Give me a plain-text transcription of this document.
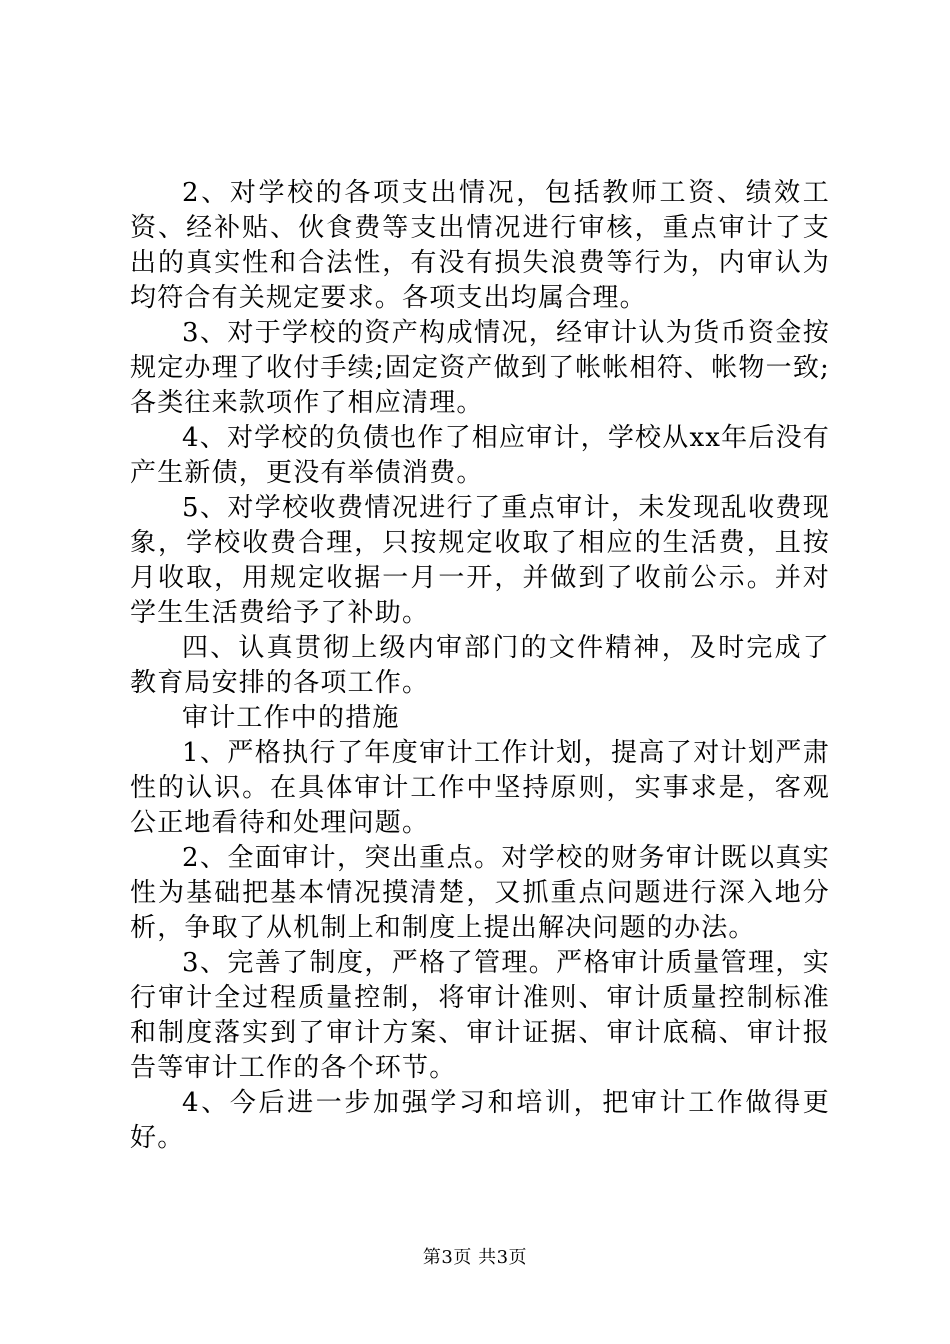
2、对学校的各项支出情况，包括教师工资、绩效工资、经补贴、伙食费等支出情况进行审核，重点审计了支出的真实性和合法性，有没有损失浪费等行为，内审认为均符合有关规定要求。各项支出均属合理。

3、对于学校的资产构成情况，经审计认为货币资金按规定办理了收付手续;固定资产做到了帐帐相符、帐物一致;各类往来款项作了相应清理。

4、对学校的负债也作了相应审计，学校从xx年后没有产生新债，更没有举债消费。

5、对学校收费情况进行了重点审计，未发现乱收费现象，学校收费合理，只按规定收取了相应的生活费，且按月收取，用规定收据一月一开，并做到了收前公示。并对学生生活费给予了补助。

四、认真贯彻上级内审部门的文件精神，及时完成了教育局安排的各项工作。

审计工作中的措施

1、严格执行了年度审计工作计划，提高了对计划严肃性的认识。在具体审计工作中坚持原则，实事求是，客观公正地看待和处理问题。

2、全面审计，突出重点。对学校的财务审计既以真实性为基础把基本情况摸清楚，又抓重点问题进行深入地分析，争取了从机制上和制度上提出解决问题的办法。

3、完善了制度，严格了管理。严格审计质量管理，实行审计全过程质量控制，将审计准则、审计质量控制标准和制度落实到了审计方案、审计证据、审计底稿、审计报告等审计工作的各个环节。

4、今后进一步加强学习和培训，把审计工作做得更好。

第3页 共3页
